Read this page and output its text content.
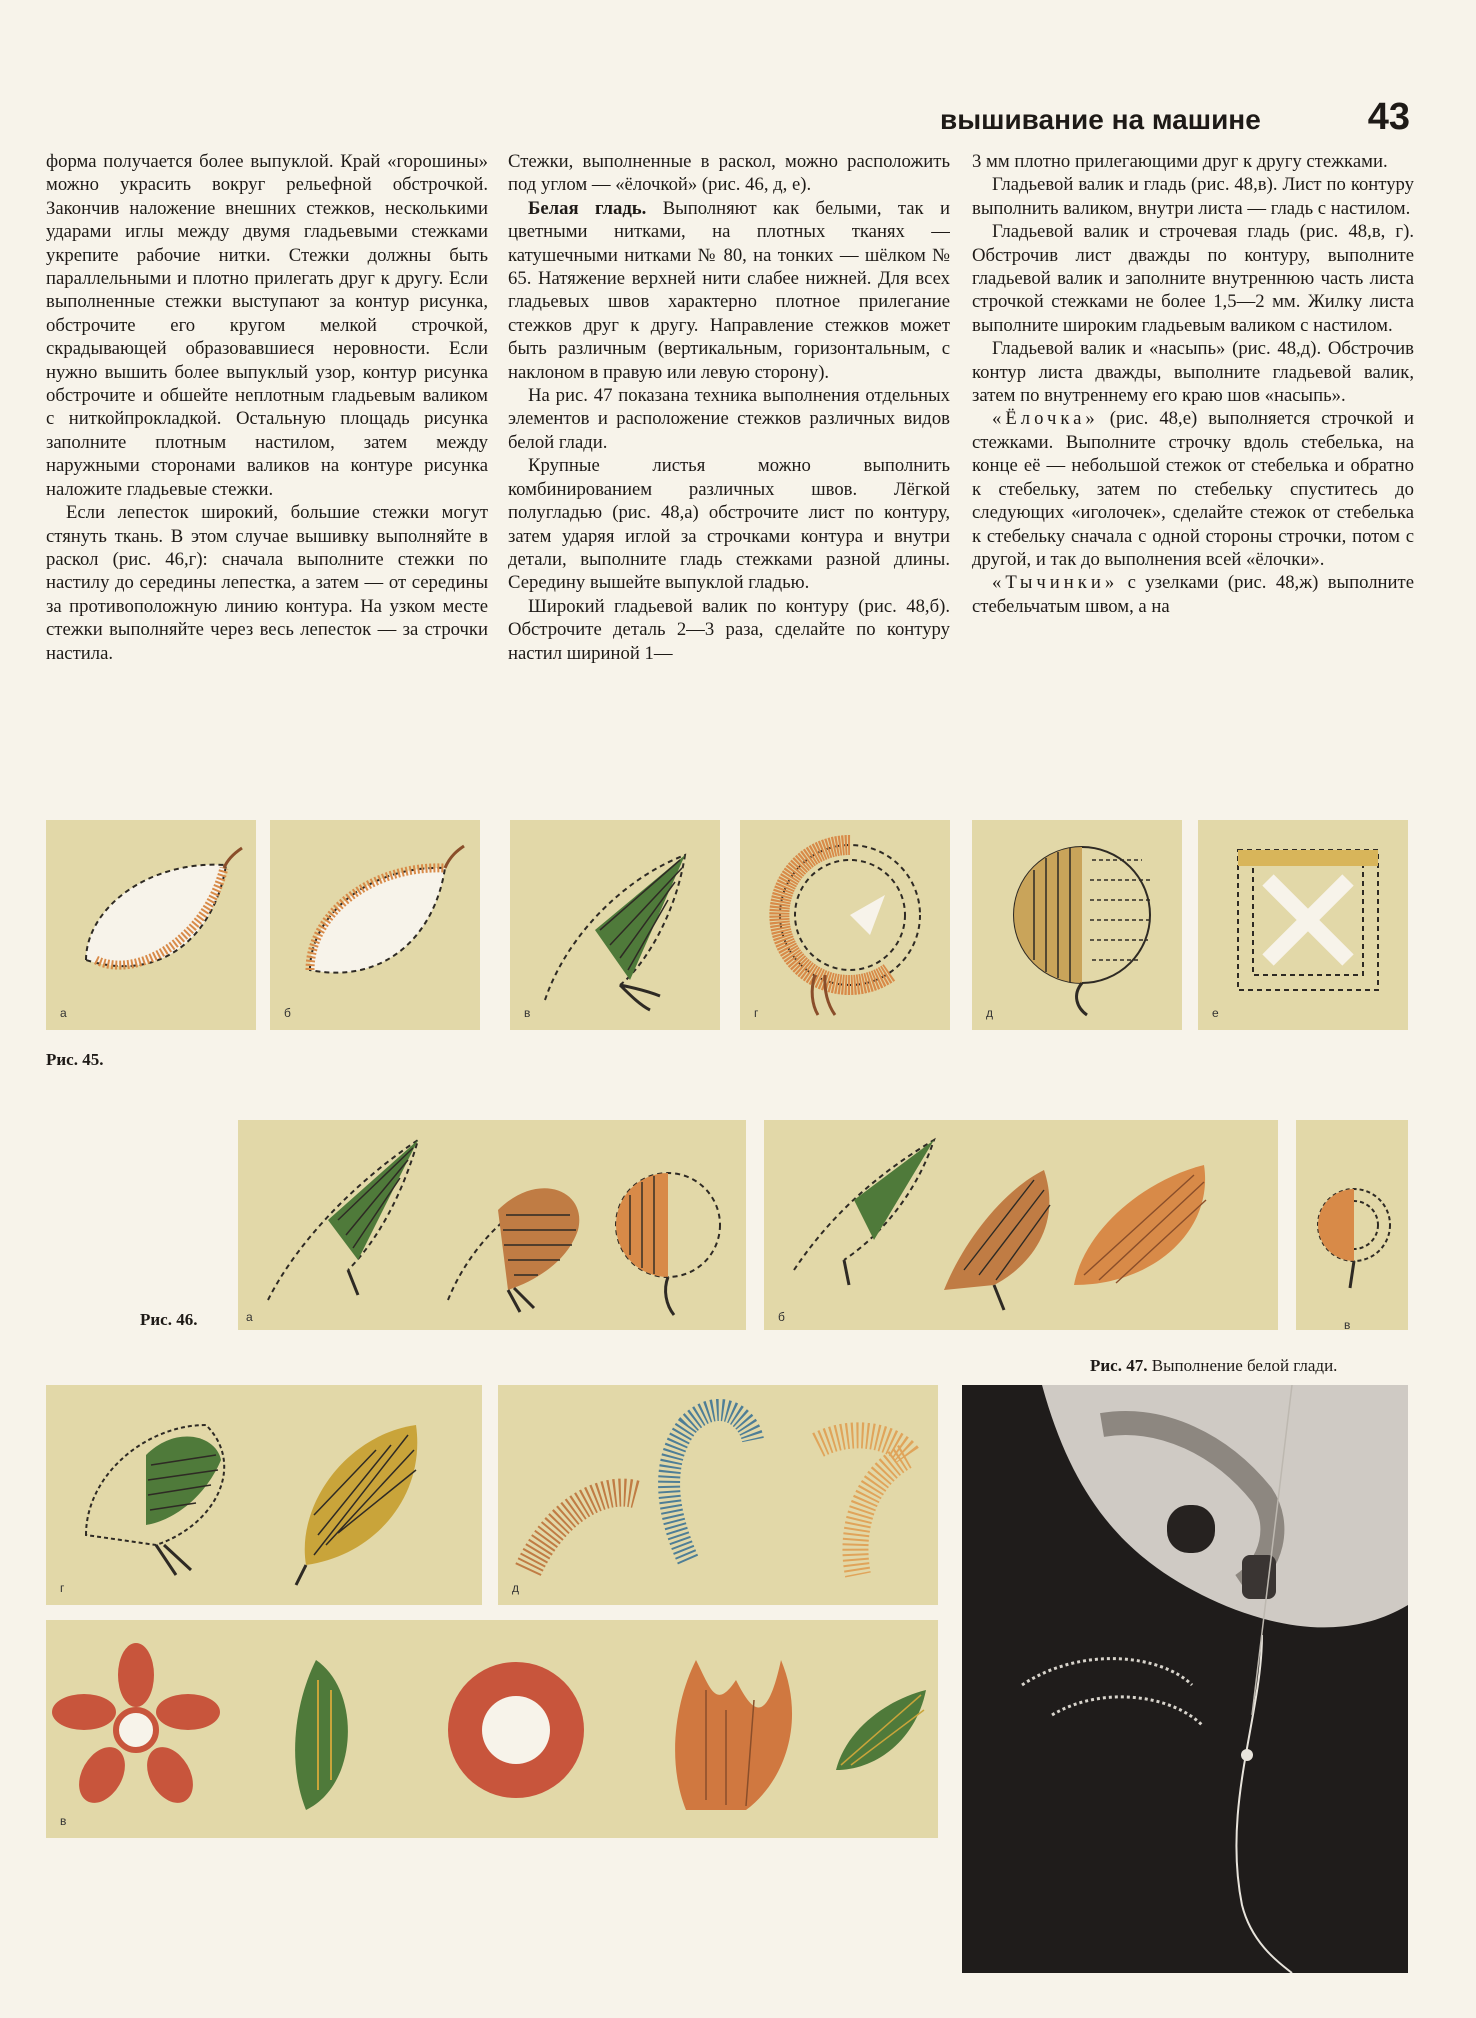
вышивание на машине	43

форма получается более выпуклой. Край «горошины» можно украсить вокруг рельефной обстрочкой. Закончив наложение внешних стежков, несколькими ударами иглы между двумя гладьевыми стежками укрепите рабочие нитки. Стежки должны быть параллельными и плотно прилегать друг к другу. Если выполненные стежки выступают за контур рисунка, обстрочите его кругом мелкой строчкой, скрадывающей образовавшиеся неровности. Если нужно вышить более выпуклый узор, контур рисунка обстрочите и обшейте неплотным гладьевым валиком с ниткойпрокладкой. Остальную площадь рисунка заполните плотным настилом, затем между наружными сторонами валиков на контуре рисунка наложите гладьевые стежки.

Если лепесток широкий, большие стежки могут стянуть ткань. В этом случае вышивку выполняйте в раскол (рис. 46,г): сначала выполните стежки по настилу до середины лепестка, а затем — от середины за противоположную линию контура. На узком месте стежки выполняйте через весь лепесток — за строчки настила.

Стежки, выполненные в раскол, можно расположить под углом — «ёлочкой» (рис. 46, д, е).

Белая гладь. Выполняют как белыми, так и цветными нитками, на плотных тканях — катушечными нитками № 80, на тонких — шёлком № 65. Натяжение верхней нити слабее нижней. Для всех гладьевых швов характерно плотное прилегание стежков друг к другу. Направление стежков может быть различным (вертикальным, горизонтальным, с наклоном в правую или левую сторону).

На рис. 47 показана техника выполнения отдельных элементов и расположение стежков различных видов белой глади.

Крупные листья можно выполнить комбинированием различных швов. Лёгкой полугладью (рис. 48,а) обстрочите лист по контуру, затем ударяя иглой за строчками контура и внутри детали, выполните гладь стежками разной длины. Середину вышейте выпуклой гладью.

Широкий гладьевой валик по контуру (рис. 48,б). Обстрочите деталь 2—3 раза, сделайте по контуру настил шириной 1—

3 мм плотно прилегающими друг к другу стежками.

Гладьевой валик и гладь (рис. 48,в). Лист по контуру выполнить валиком, внутри листа — гладь с настилом.

Гладьевой валик и строчевая гладь (рис. 48,в, г). Обстрочив лист дважды по контуру, выполните гладьевой валик и заполните внутреннюю часть листа строчкой стежками не более 1,5—2 мм. Жилку листа выполните широким гладьевым валиком с настилом.

Гладьевой валик и «насыпь» (рис. 48,д). Обстрочив контур листа дважды, выполните гладьевой валик, затем по внутреннему его краю шов «насыпь».

«Ёлочка» (рис. 48,е) выполняется строчкой и стежками. Выполните строчку вдоль стебелька, на конце её — небольшой стежок от стебелька и обратно к стебельку, затем по стебельку спуститесь до следующих «иголочек», сделайте стежок от стебелька к стебельку сначала с одной стороны строчки, потом с другой, и так до выполнения всей «ёлочки».

«Тычинки» с узелками (рис. 48,ж) выполните стебельчатым швом, а на

а	б	в	г	д	е
Рис. 45.
а
Рис. 46.	б
в
Рис. 47. Выполнение белой глади.
г	д
в
